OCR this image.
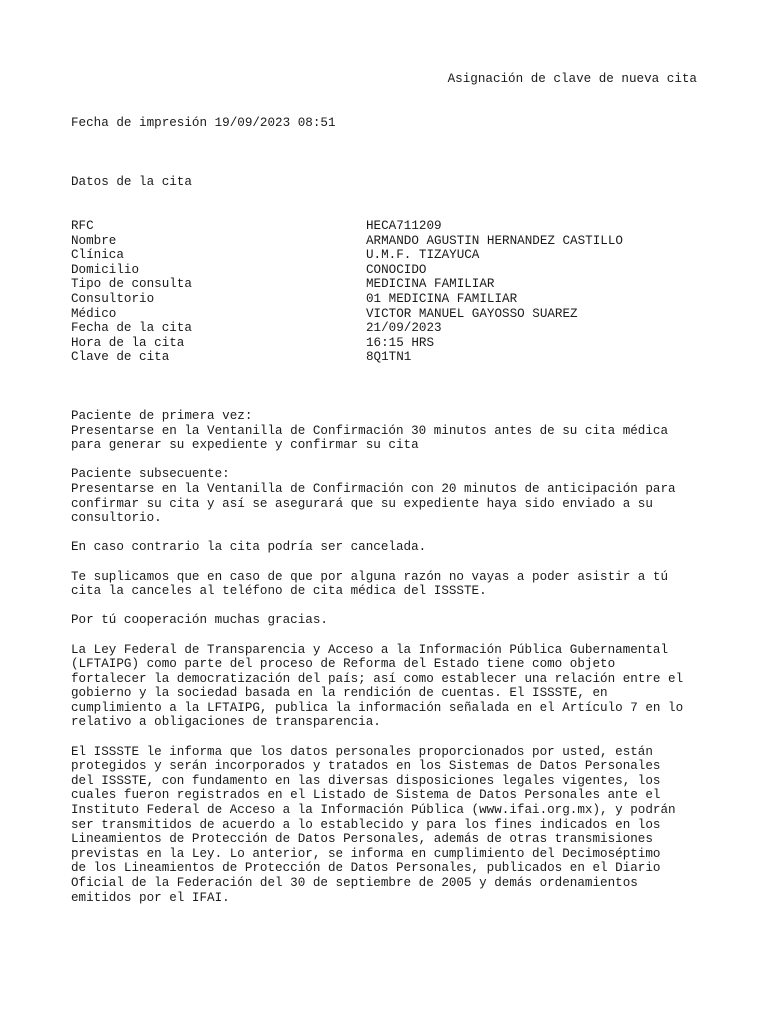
Asignación de clave de nueva cita
Fecha de impresión 19/09/2023 08:51
Datos de la cita
RFC	HECA711209
Nombre	ARMANDO AGUSTIN HERNANDEZ CASTILLO
Clínica	U.M.F. TIZAYUCA
Domicilio	CONOCIDO
Tipo de consulta	MEDICINA FAMILIAR
Consultorio	01 MEDICINA FAMILIAR
Médico	VICTOR MANUEL GAYOSSO SUAREZ
Fecha de la cita	21/09/2023
Hora de la cita	16:15 HRS
Clave de cita	8Q1TN1

Paciente de primera vez:
Presentarse en la Ventanilla de Confirmación 30 minutos antes de su cita médica
para generar su expediente y confirmar su cita

Paciente subsecuente:
Presentarse en la Ventanilla de Confirmación con 20 minutos de anticipación para
confirmar su cita y así se asegurará que su expediente haya sido enviado a su
consultorio.

En caso contrario la cita podría ser cancelada.

Te suplicamos que en caso de que por alguna razón no vayas a poder asistir a tú
cita la canceles al teléfono de cita médica del ISSSTE.

Por tú cooperación muchas gracias.

La Ley Federal de Transparencia y Acceso a la Información Pública Gubernamental
(LFTAIPG) como parte del proceso de Reforma del Estado tiene como objeto
fortalecer la democratización del país; así como establecer una relación entre el
gobierno y la sociedad basada en la rendición de cuentas. El ISSSTE, en
cumplimiento a la LFTAIPG, publica la información señalada en el Artículo 7 en lo
relativo a obligaciones de transparencia.

El ISSSTE le informa que los datos personales proporcionados por usted, están
protegidos y serán incorporados y tratados en los Sistemas de Datos Personales
del ISSSTE, con fundamento en las diversas disposiciones legales vigentes, los
cuales fueron registrados en el Listado de Sistema de Datos Personales ante el
Instituto Federal de Acceso a la Información Pública (www.ifai.org.mx), y podrán
ser transmitidos de acuerdo a lo establecido y para los fines indicados en los
Lineamientos de Protección de Datos Personales, además de otras transmisiones
previstas en la Ley. Lo anterior, se informa en cumplimiento del Decimoséptimo
de los Lineamientos de Protección de Datos Personales, publicados en el Diario
Oficial de la Federación del 30 de septiembre de 2005 y demás ordenamientos
emitidos por el IFAI.
